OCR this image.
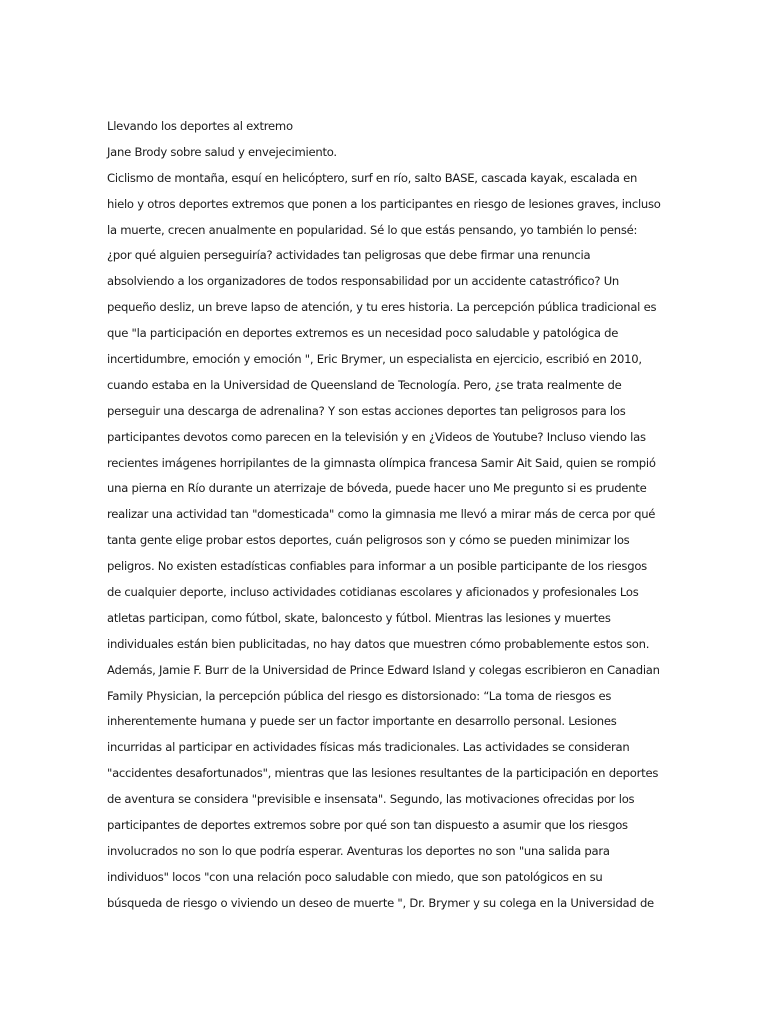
Llevando los deportes al extremo
Jane Brody sobre salud y envejecimiento.
Ciclismo de montaña, esquí en helicóptero, surf en río, salto BASE, cascada kayak, escalada en
hielo y otros deportes extremos que ponen a los participantes en riesgo de lesiones graves, incluso
la muerte, crecen anualmente en popularidad. Sé lo que estás pensando, yo también lo pensé:
¿por qué alguien perseguiría? actividades tan peligrosas que debe firmar una renuncia
absolviendo a los organizadores de todos responsabilidad por un accidente catastrófico? Un
pequeño desliz, un breve lapso de atención, y tu eres historia. La percepción pública tradicional es
que "la participación en deportes extremos es un necesidad poco saludable y patológica de
incertidumbre, emoción y emoción ", Eric Brymer, un especialista en ejercicio, escribió en 2010,
cuando estaba en la Universidad de Queensland de Tecnología. Pero, ¿se trata realmente de
perseguir una descarga de adrenalina? Y son estas acciones deportes tan peligrosos para los
participantes devotos como parecen en la televisión y en ¿Videos de Youtube? Incluso viendo las
recientes imágenes horripilantes de la gimnasta olímpica francesa Samir Ait Said, quien se rompió
una pierna en Río durante un aterrizaje de bóveda, puede hacer uno Me pregunto si es prudente
realizar una actividad tan "domesticada" como la gimnasia me llevó a mirar más de cerca por qué
tanta gente elige probar estos deportes, cuán peligrosos son y cómo se pueden minimizar los
peligros. No existen estadísticas confiables para informar a un posible participante de los riesgos
de cualquier deporte, incluso actividades cotidianas escolares y aficionados y profesionales Los
atletas participan, como fútbol, skate, baloncesto y fútbol. Mientras las lesiones y muertes
individuales están bien publicitadas, no hay datos que muestren cómo probablemente estos son.
Además, Jamie F. Burr de la Universidad de Prince Edward Island y colegas escribieron en Canadian
Family Physician, la percepción pública del riesgo es distorsionado: “La toma de riesgos es
inherentemente humana y puede ser un factor importante en desarrollo personal. Lesiones
incurridas al participar en actividades físicas más tradicionales. Las actividades se consideran
"accidentes desafortunados", mientras que las lesiones resultantes de la participación en deportes
de aventura se considera "previsible e insensata". Segundo, las motivaciones ofrecidas por los
participantes de deportes extremos sobre por qué son tan dispuesto a asumir que los riesgos
involucrados no son lo que podría esperar. Aventuras los deportes no son "una salida para
individuos" locos "con una relación poco saludable con miedo, que son patológicos en su
búsqueda de riesgo o viviendo un deseo de muerte ", Dr. Brymer y su colega en la Universidad de
